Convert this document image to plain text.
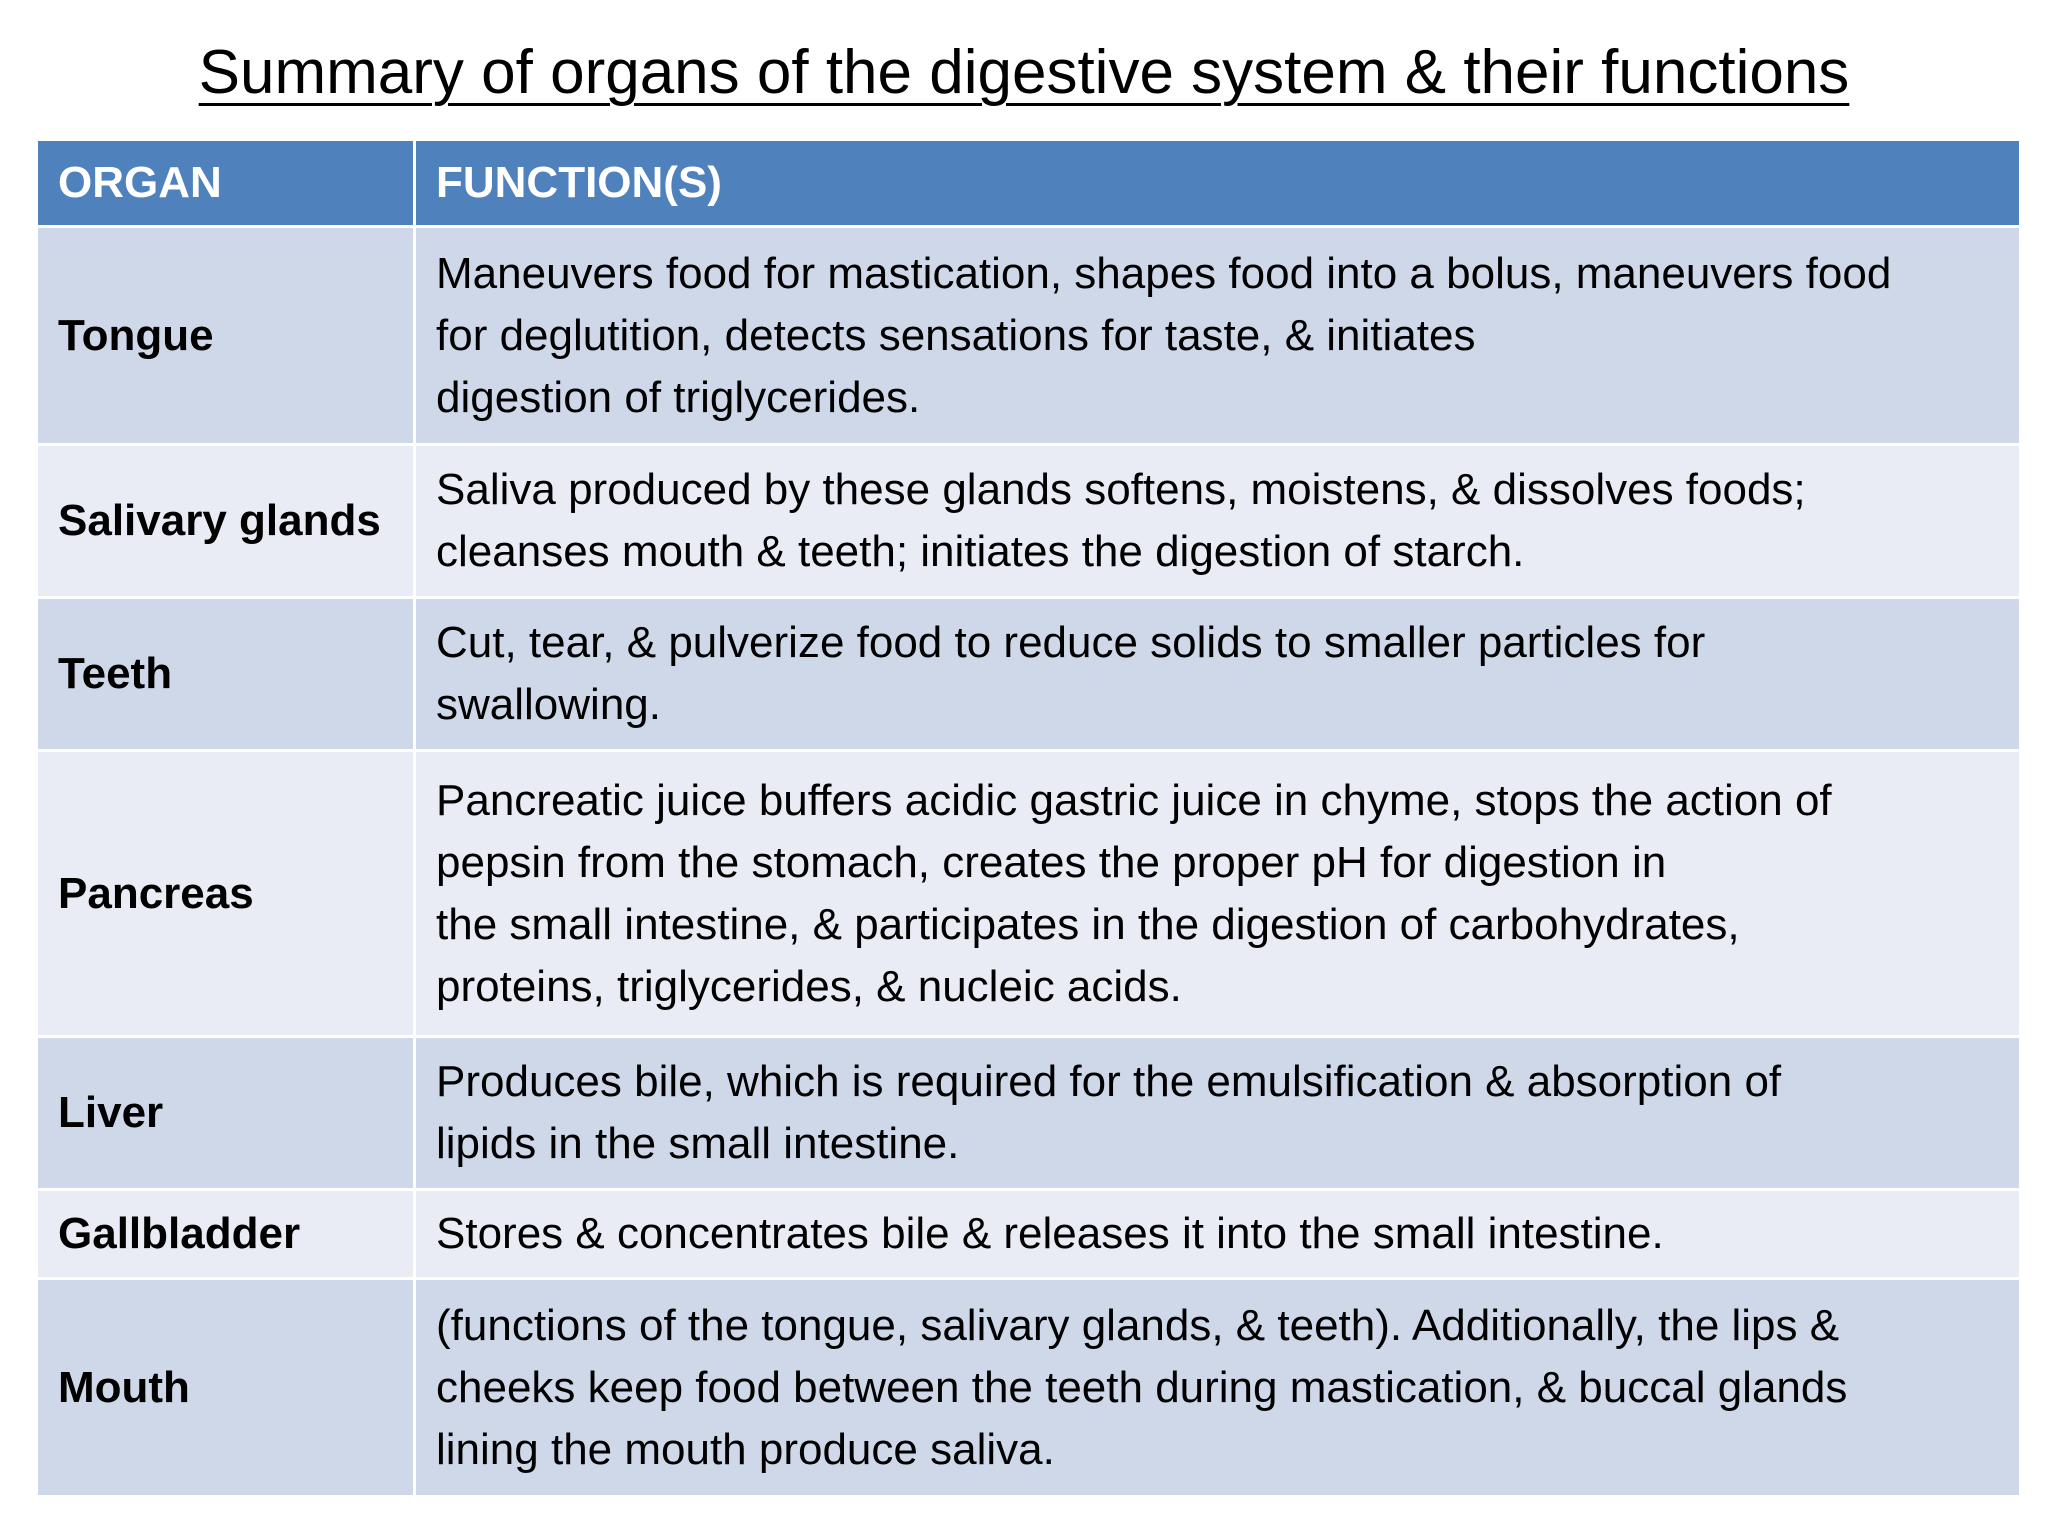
Summary of organs of the digestive system & their functions
ORGAN	FUNCTION(S)
Tongue	Maneuvers food for mastication, shapes food into a bolus, maneuvers food
for deglutition, detects sensations for taste, & initiates
digestion of triglycerides.

Salivary glands	Saliva produced by these glands softens, moistens, & dissolves foods;
cleanses mouth & teeth; initiates the digestion of starch.

Teeth	Cut, tear, & pulverize food to reduce solids to smaller particles for
swallowing.

Pancreas	Pancreatic juice buffers acidic gastric juice in chyme, stops the action of
pepsin from the stomach, creates the proper pH for digestion in
the small intestine, & participates in the digestion of carbohydrates,
proteins, triglycerides, & nucleic acids.

Liver	Produces bile, which is required for the emulsification & absorption of
lipids in the small intestine.

Gallbladder	Stores & concentrates bile & releases it into the small intestine.

Mouth	(functions of the tongue, salivary glands, & teeth). Additionally, the lips &
cheeks keep food between the teeth during mastication, & buccal glands
lining the mouth produce saliva.
